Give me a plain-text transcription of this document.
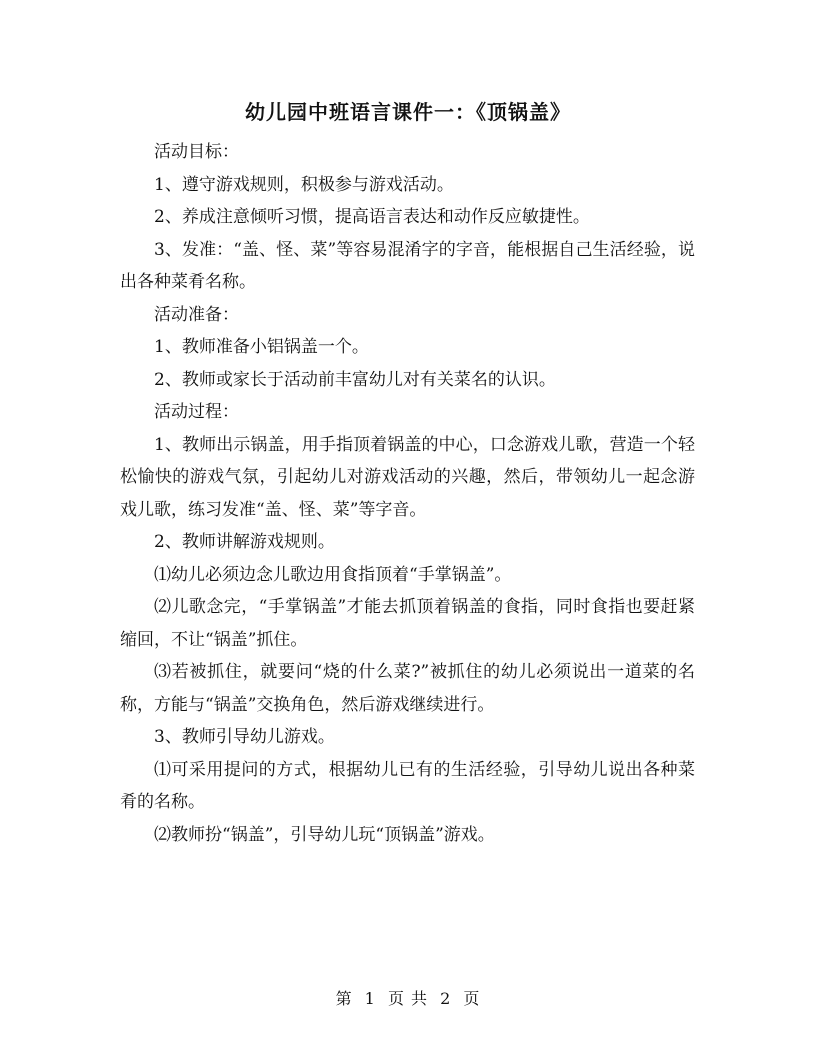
幼儿园中班语言课件一：《顶锅盖》

活动目标：

1、遵守游戏规则，积极参与游戏活动。

2、养成注意倾听习惯，提高语言表达和动作反应敏捷性。

3、发准：“盖、怪、菜”等容易混淆字的字音，能根据自己生活经验，说出各种菜肴名称。

活动准备：

1、教师准备小铝锅盖一个。

2、教师或家长于活动前丰富幼儿对有关菜名的认识。

活动过程：

1、教师出示锅盖，用手指顶着锅盖的中心，口念游戏儿歌，营造一个轻松愉快的游戏气氛，引起幼儿对游戏活动的兴趣，然后，带领幼儿一起念游戏儿歌，练习发准“盖、怪、菜”等字音。

2、教师讲解游戏规则。

⑴幼儿必须边念儿歌边用食指顶着“手掌锅盖”。

⑵儿歌念完，“手掌锅盖”才能去抓顶着锅盖的食指，同时食指也要赶紧缩回，不让“锅盖”抓住。

⑶若被抓住，就要问“烧的什么菜?”被抓住的幼儿必须说出一道菜的名称，方能与“锅盖”交换角色，然后游戏继续进行。

3、教师引导幼儿游戏。

⑴可采用提问的方式，根据幼儿已有的生活经验，引导幼儿说出各种菜肴的名称。

⑵教师扮“锅盖”，引导幼儿玩“顶锅盖”游戏。

第 1 页 共 2 页
